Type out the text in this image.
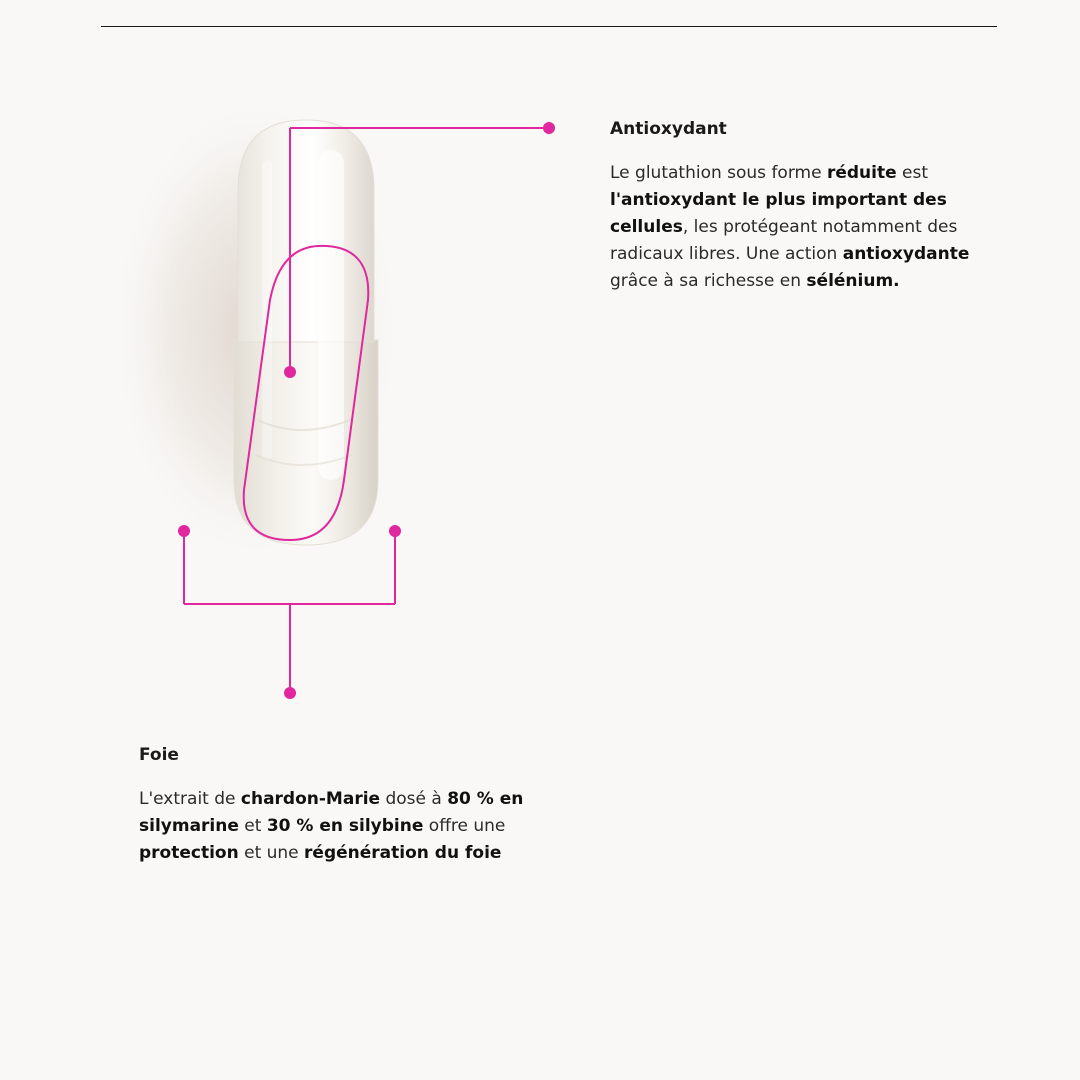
Antioxydant

Le glutathion sous forme réduite est l'antioxydant le plus important des cellules, les protégeant notamment des radicaux libres. Une action antioxydante grâce à sa richesse en sélénium.

Foie

L'extrait de chardon-Marie dosé à 80 % en silymarine et 30 % en silybine offre une protection et une régénération du foie
